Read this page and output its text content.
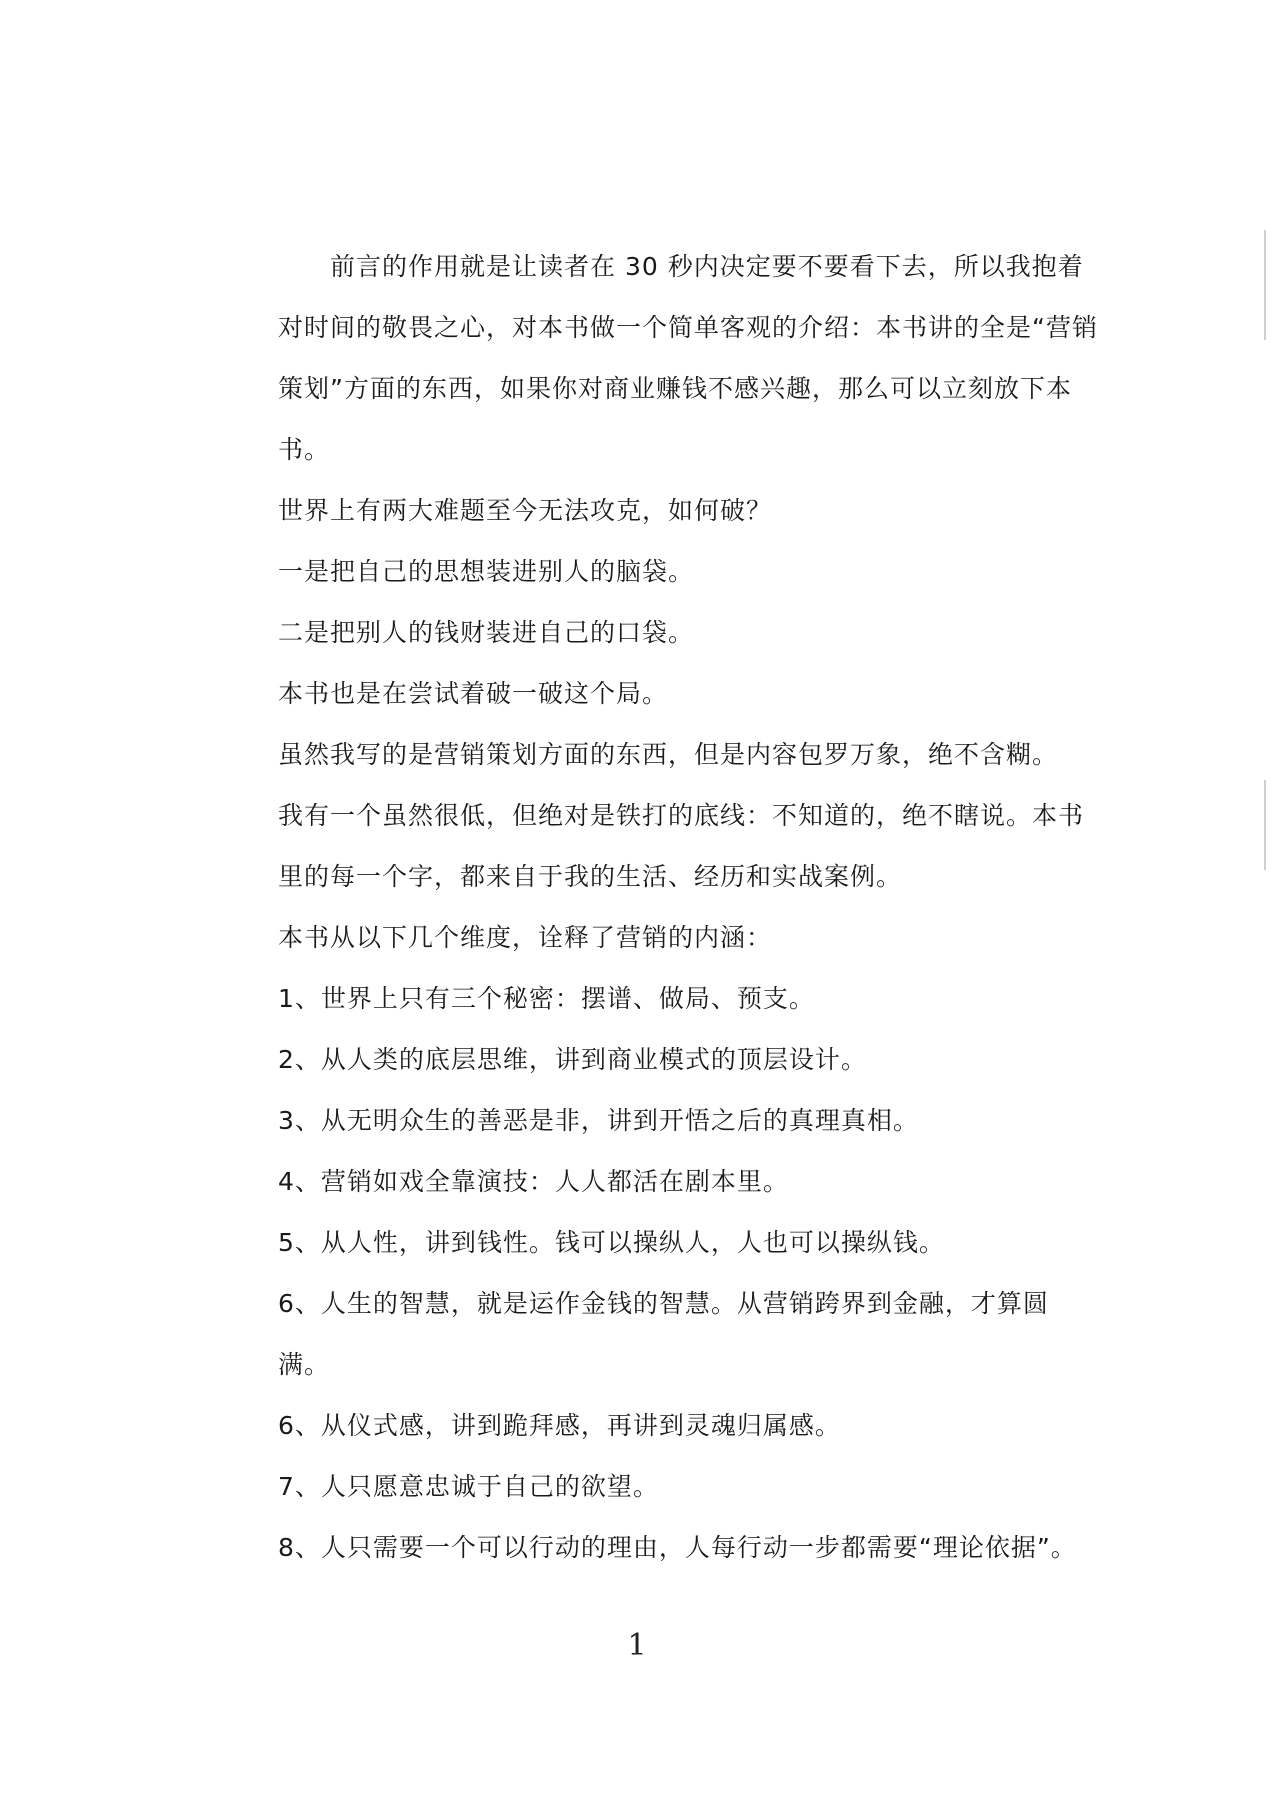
前言的作用就是让读者在 30 秒内决定要不要看下去，所以我抱着对时间的敬畏之心，对本书做一个简单客观的介绍：本书讲的全是“营销策划”方面的东西，如果你对商业赚钱不感兴趣，那么可以立刻放下本书。

世界上有两大难题至今无法攻克，如何破？

一是把自己的思想装进别人的脑袋。

二是把别人的钱财装进自己的口袋。

本书也是在尝试着破一破这个局。

虽然我写的是营销策划方面的东西，但是内容包罗万象，绝不含糊。

我有一个虽然很低，但绝对是铁打的底线：不知道的，绝不瞎说。本书里的每一个字，都来自于我的生活、经历和实战案例。

本书从以下几个维度，诠释了营销的内涵：

1、世界上只有三个秘密：摆谱、做局、预支。

2、从人类的底层思维，讲到商业模式的顶层设计。

3、从无明众生的善恶是非，讲到开悟之后的真理真相。

4、营销如戏全靠演技：人人都活在剧本里。

5、从人性，讲到钱性。钱可以操纵人，人也可以操纵钱。

6、人生的智慧，就是运作金钱的智慧。从营销跨界到金融，才算圆满。

6、从仪式感，讲到跪拜感，再讲到灵魂归属感。

7、人只愿意忠诚于自己的欲望。

8、人只需要一个可以行动的理由，人每行动一步都需要“理论依据”。

1
